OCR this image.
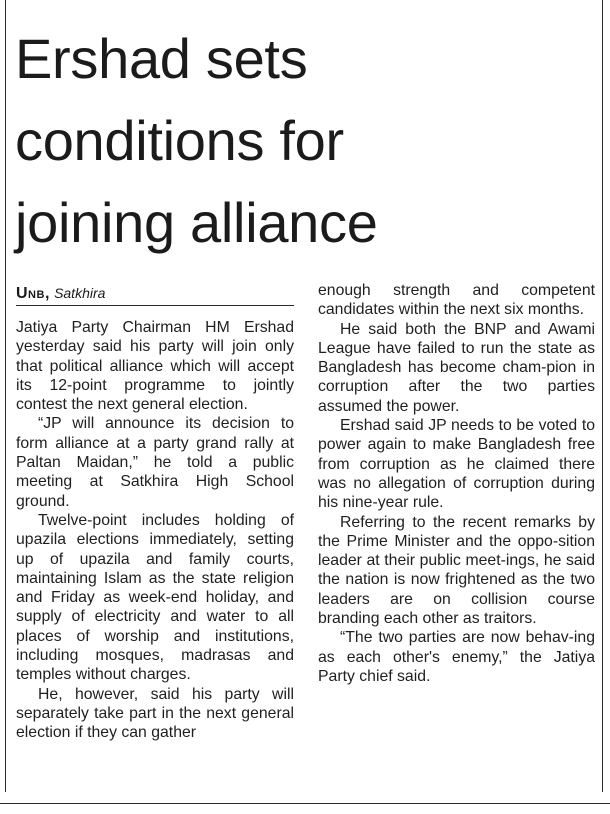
Ershad sets
conditions for
joining alliance
Unb, Satkhira

Jatiya Party Chairman HM Ershad yesterday said his party will join only that political alliance which will accept its 12-point programme to jointly contest the next general election.

“JP will announce its decision to form alliance at a party grand rally at Paltan Maidan,” he told a public meeting at Satkhira High School ground.

Twelve-point includes holding of upazila elections immediately, setting up of upazila and family courts, maintaining Islam as the state religion and Friday as week-end holiday, and supply of electricity and water to all places of worship and institutions, including mosques, madrasas and temples without charges.

He, however, said his party will separately take part in the next general election if they can gather

enough strength and competent candidates within the next six months.

He said both the BNP and Awami League have failed to run the state as Bangladesh has become cham-pion in corruption after the two parties assumed the power.

Ershad said JP needs to be voted to power again to make Bangladesh free from corruption as he claimed there was no allegation of corruption during his nine-year rule.

Referring to the recent remarks by the Prime Minister and the oppo-sition leader at their public meet-ings, he said the nation is now frightened as the two leaders are on collision course branding each other as traitors.

“The two parties are now behav-ing as each other's enemy,” the Jatiya Party chief said.
